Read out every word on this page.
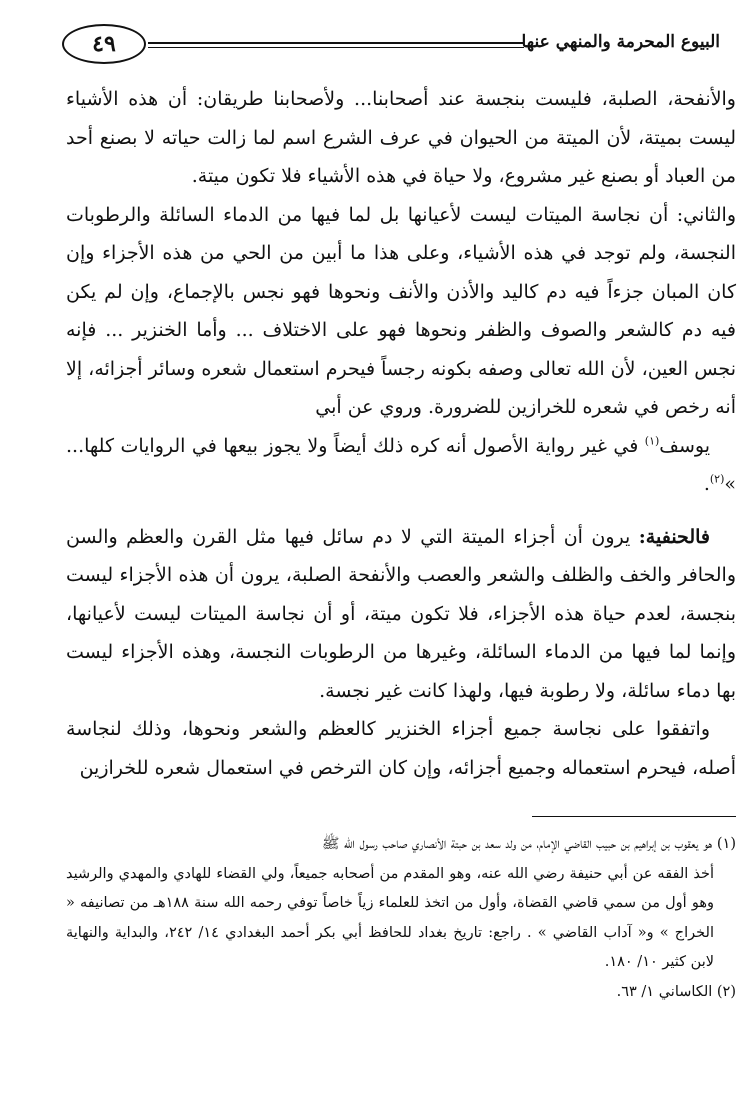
٤٩	البيوع المحرمة والمنهي عنها

والأنفحة، الصلبة، فليست بنجسة عند أصحابنا... ولأصحابنا طريقان: أن هذه الأشياء ليست بميتة، لأن الميتة من الحيوان في عرف الشرع اسم لما زالت حياته لا بصنع أحد من العباد أو بصنع غير مشروع، ولا حياة في هذه الأشياء فلا تكون ميتة.

والثاني: أن نجاسة الميتات ليست لأعيانها بل لما فيها من الدماء السائلة والرطوبات النجسة، ولم توجد في هذه الأشياء، وعلى هذا ما أبين من الحي من هذه الأجزاء وإن كان المبان جزءاً فيه دم كاليد والأذن والأنف ونحوها فهو نجس بالإجماع، وإن لم يكن فيه دم كالشعر والصوف والظفر ونحوها فهو على الاختلاف ... وأما الخنزير ... فإنه نجس العين، لأن الله تعالى وصفه بكونه رجساً فيحرم استعمال شعره وسائر أجزائه، إلا أنه رخص في شعره للخرازين للضرورة. وروي عن أبي

يوسف$^{(١)}$ في غير رواية الأصول أنه كره ذلك أيضاً ولا يجوز بيعها في الروايات كلها... »$^{(٢)}$.

فالحنفية: يرون أن أجزاء الميتة التي لا دم سائل فيها مثل القرن والعظم والسن والحافر والخف والظلف والشعر والعصب والأنفحة الصلبة، يرون أن هذه الأجزاء ليست بنجسة، لعدم حياة هذه الأجزاء، فلا تكون ميتة، أو أن نجاسة الميتات ليست لأعيانها، وإنما لما فيها من الدماء السائلة، وغيرها من الرطوبات النجسة، وهذه الأجزاء ليست بها دماء سائلة، ولا رطوبة فيها، ولهذا كانت غير نجسة.

واتفقوا على نجاسة جميع أجزاء الخنزير كالعظم والشعر ونحوها، وذلك لنجاسة أصله، فيحرم استعماله وجميع أجزائه، وإن كان الترخص في استعمال شعره للخرازين

(١) هو يعقوب بن إبراهيم بن حبيب القاضي الإمام، من ولد سعد بن حبتة الأنصاري صاحب رسول الله ﷺ

أخذ الفقه عن أبي حنيفة رضي الله عنه، وهو المقدم من أصحابه جميعاً، ولي القضاء للهادي والمهدي والرشيد وهو أول من سمي قاضي القضاة، وأول من اتخذ للعلماء زياً خاصاً توفي رحمه الله سنة ١٨٨هـ من تصانيفه « الخراج » و« آداب القاضي » . راجع: تاريخ بغداد للحافظ أبي بكر أحمد البغدادي ١٤/ ٢٤٢، والبداية والنهاية لابن كثير ١٠/ ١٨٠.

(٢) الكاساني ١/ ٦٣.
